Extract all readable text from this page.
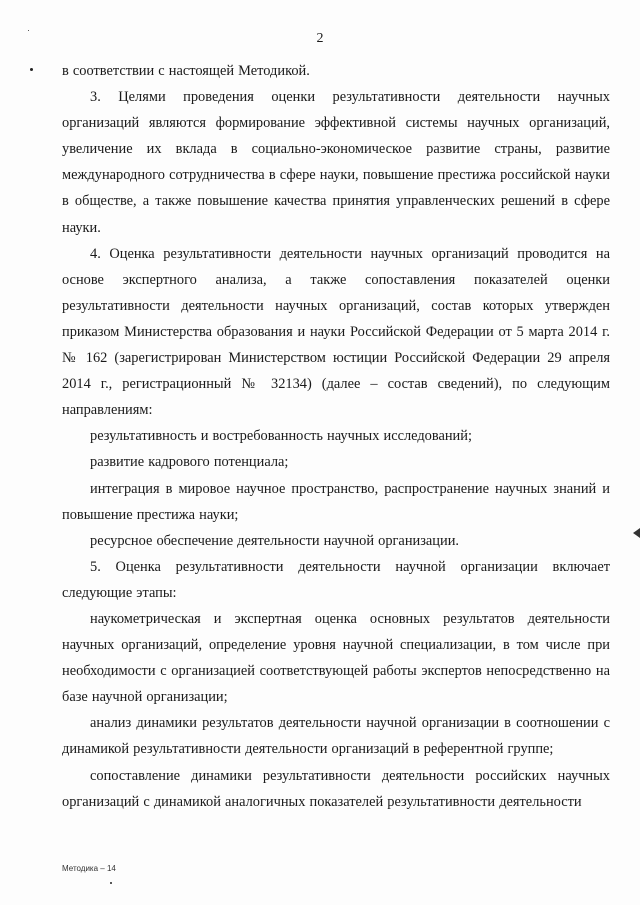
2

в соответствии с настоящей Методикой.

3. Целями проведения оценки результативности деятельности научных организаций являются формирование эффективной системы научных организаций, увеличение их вклада в социально-экономическое развитие страны, развитие международного сотрудничества в сфере науки, повышение престижа российской науки в обществе, а также повышение качества принятия управленческих решений в сфере науки.

4. Оценка результативности деятельности научных организаций проводится на основе экспертного анализа, а также сопоставления показателей оценки результативности деятельности научных организаций, состав которых утвержден приказом Министерства образования и науки Российской Федерации от 5 марта 2014 г. № 162 (зарегистрирован Министерством юстиции Российской Федерации 29 апреля 2014 г., регистрационный № 32134) (далее – состав сведений), по следующим направлениям:

результативность и востребованность научных исследований;

развитие кадрового потенциала;

интеграция в мировое научное пространство, распространение научных знаний и повышение престижа науки;

ресурсное обеспечение деятельности научной организации.

5. Оценка результативности деятельности научной организации включает следующие этапы:

наукометрическая и экспертная оценка основных результатов деятельности научных организаций, определение уровня научной специализации, в том числе при необходимости с организацией соответствующей работы экспертов непосредственно на базе научной организации;

анализ динамики результатов деятельности научной организации в соотношении с динамикой результативности деятельности организаций в референтной группе;

сопоставление динамики результативности деятельности российских научных организаций с динамикой аналогичных показателей результативности деятельности

Методика – 14
